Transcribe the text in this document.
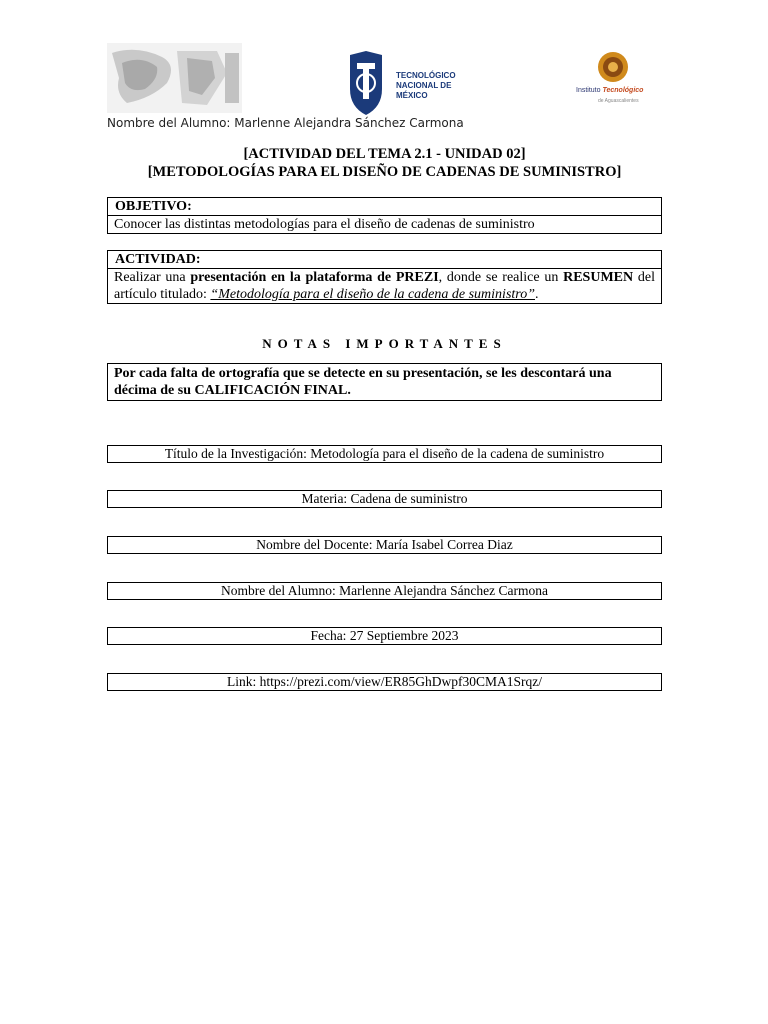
TECNOLÓGICO
NACIONAL DE MÉXICO
Instituto Tecnológico
de Aguascalientes
Nombre del Alumno: Marlenne Alejandra Sánchez Carmona
[ACTIVIDAD DEL TEMA 2.1 - UNIDAD 02]
[METODOLOGÍAS PARA EL DISEÑO DE CADENAS DE SUMINISTRO]
OBJETIVO:
Conocer las distintas metodologías para el diseño de cadenas de suministro
ACTIVIDAD:
Realizar una presentación en la plataforma de PREZI, donde se realice un RESUMEN del artículo titulado: “Metodología para el diseño de la cadena de suministro”.
NOTAS IMPORTANTES
Por cada falta de ortografía que se detecte en su presentación, se les descontará una décima de su CALIFICACIÓN FINAL.
Título de la Investigación: Metodología para el diseño de la cadena de suministro
Materia: Cadena de suministro
Nombre del Docente: María Isabel Correa Diaz
Nombre del Alumno: Marlenne Alejandra Sánchez Carmona
Fecha: 27 Septiembre 2023
Link: https://prezi.com/view/ER85GhDwpf30CMA1Srqz/
